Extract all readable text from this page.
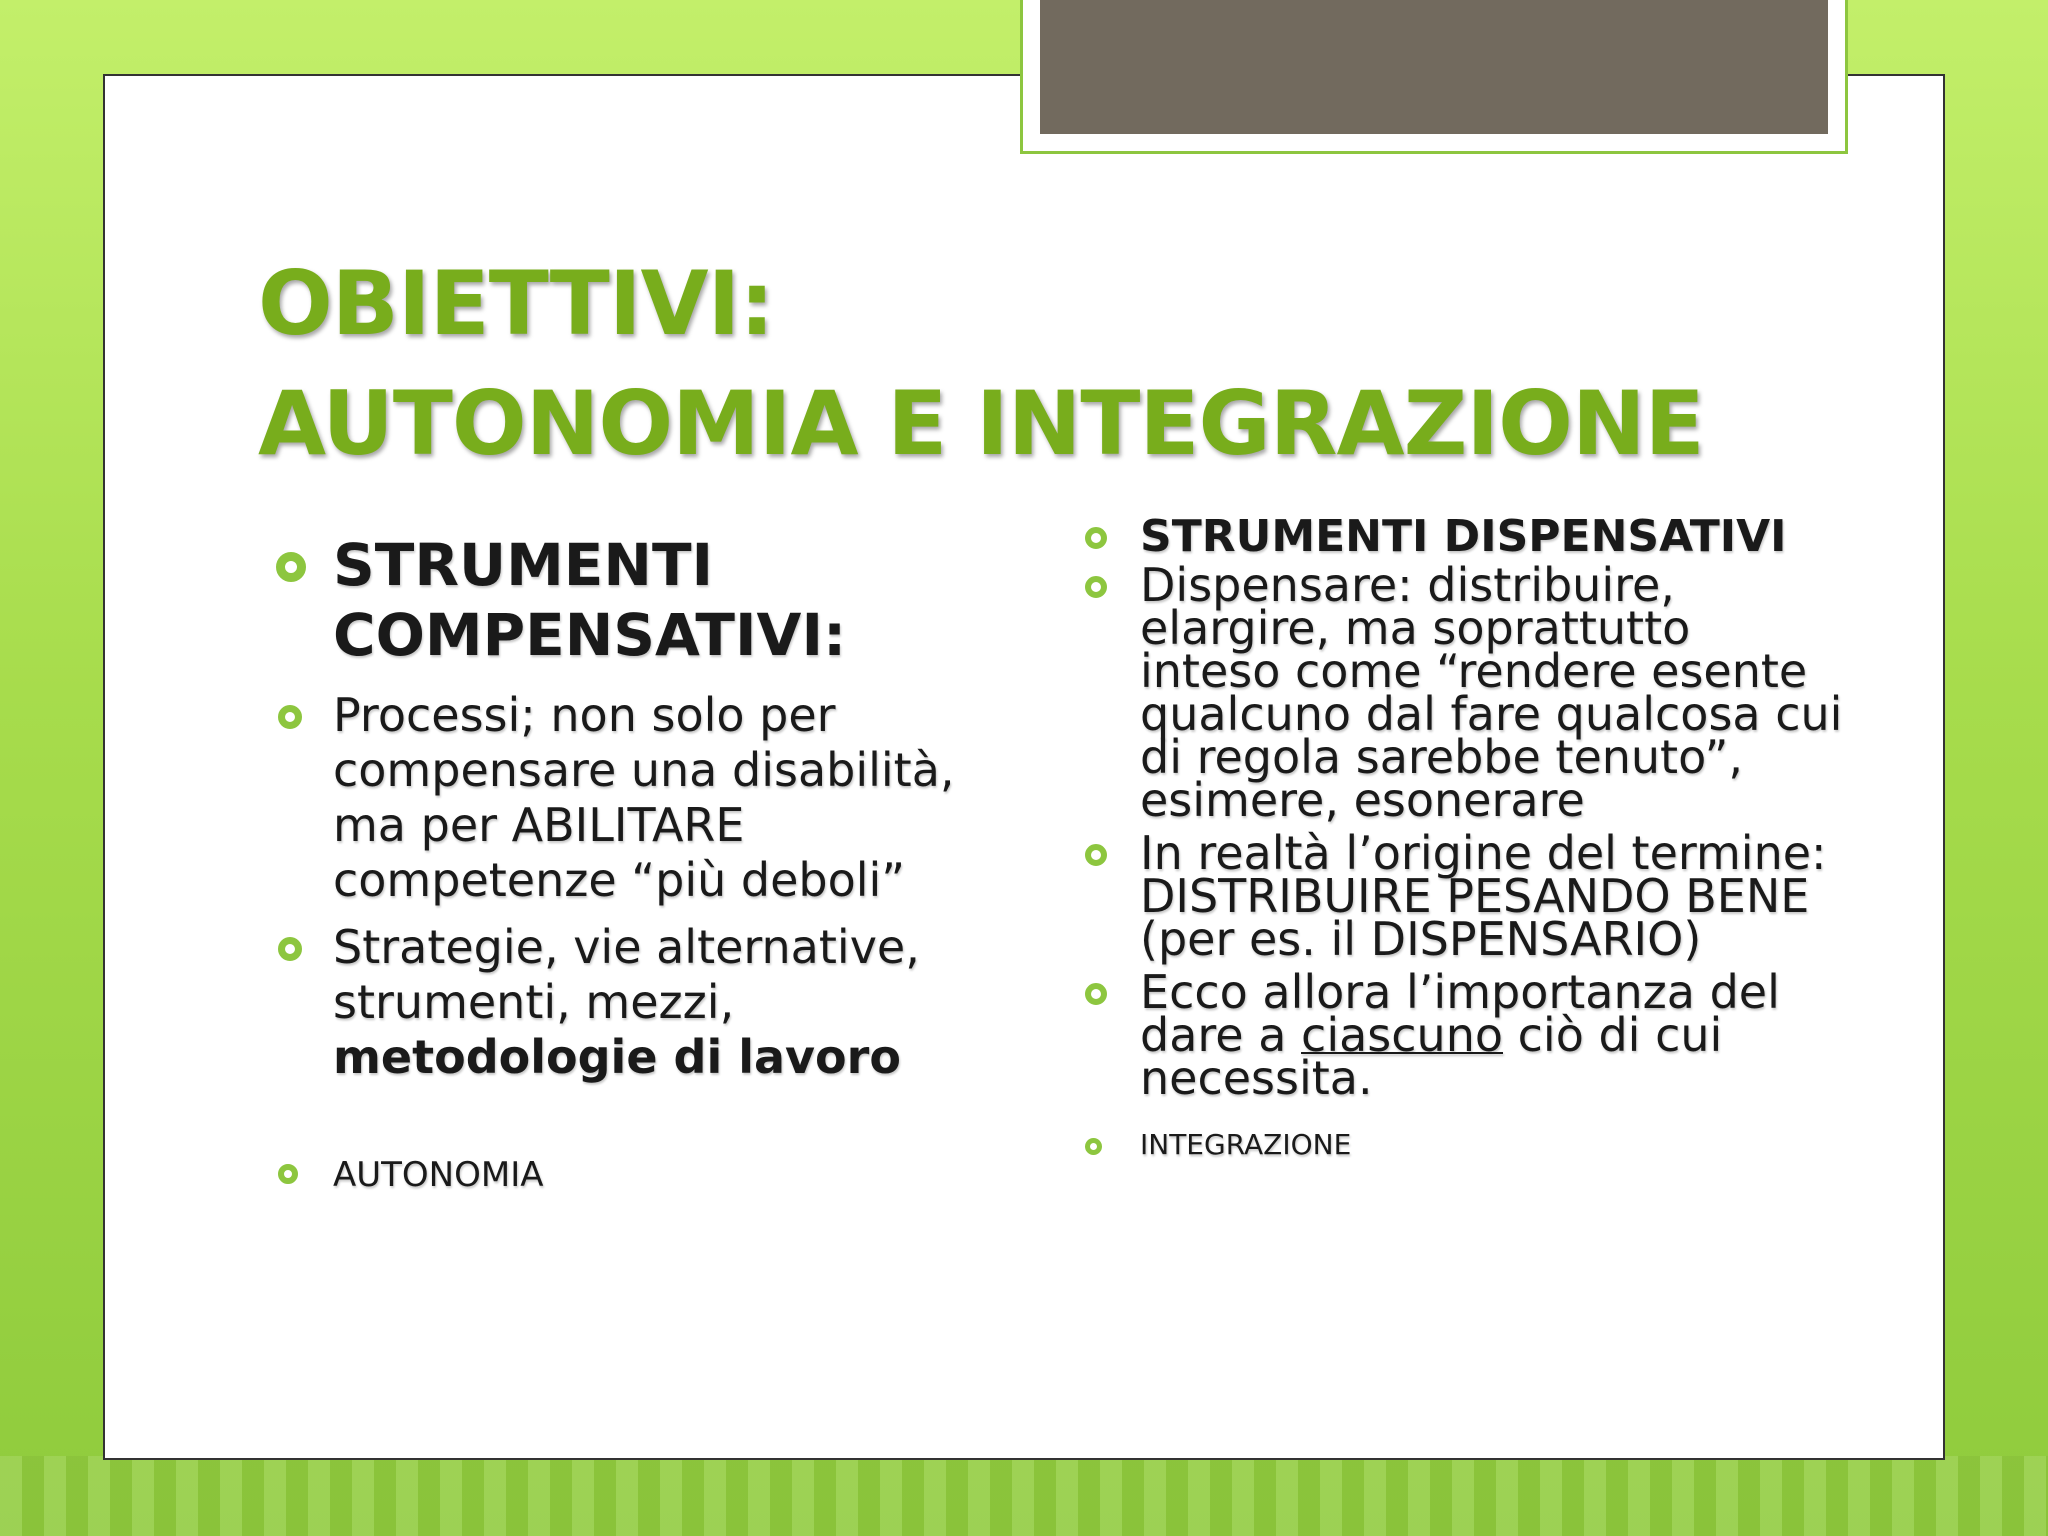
OBIETTIVI:
AUTONOMIA E INTEGRAZIONE
STRUMENTI COMPENSATIVI:
Processi; non solo per compensare una disabilità, ma per ABILITARE competenze “più deboli”
Strategie, vie alternative, strumenti, mezzi, metodologie di lavoro
AUTONOMIA
STRUMENTI DISPENSATIVI
Dispensare: distribuire, elargire, ma soprattutto inteso come “rendere esente qualcuno dal fare qualcosa cui di regola sarebbe tenuto”, esimere, esonerare
In realtà l’origine del termine: DISTRIBUIRE PESANDO BENE (per es. il DISPENSARIO)
Ecco allora l’importanza del dare a ciascuno ciò di cui necessita.
INTEGRAZIONE
